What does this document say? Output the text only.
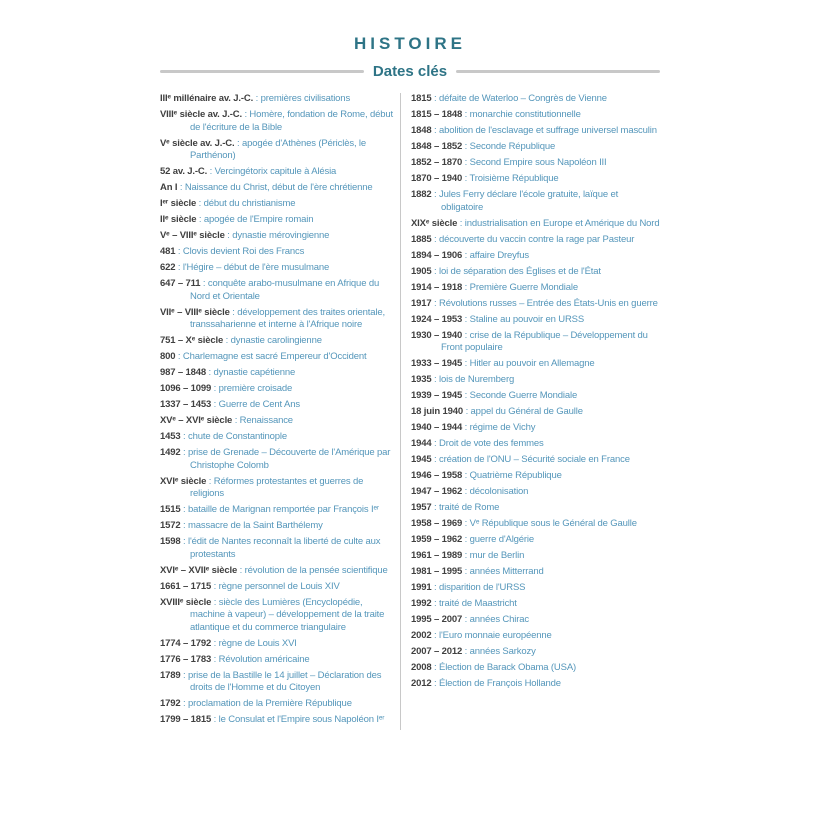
HISTOIRE
Dates clés
IIIᵉ millénaire av. J.-C. : premières civilisations
VIIIᵉ siècle av. J.-C. : Homère, fondation de Rome, début de l'écriture de la Bible
Vᵉ siècle av. J.-C. : apogée d'Athènes (Périclès, le Parthénon)
52 av. J.-C. : Vercingétorix capitule à Alésia
An I : Naissance du Christ, début de l'ère chrétienne
Iᵉʳ siècle : début du christianisme
IIᵉ siècle : apogée de l'Empire romain
Vᵉ – VIIIᵉ siècle : dynastie mérovingienne
481 : Clovis devient Roi des Francs
622 : l'Hégire – début de l'ère musulmane
647 – 711 : conquête arabo-musulmane en Afrique du Nord et Orientale
VIIᵉ – VIIIᵉ siècle : développement des traites orientale, transsaharienne et interne à l'Afrique noire
751 – Xᵉ siècle : dynastie carolingienne
800 : Charlemagne est sacré Empereur d'Occident
987 – 1848 : dynastie capétienne
1096 – 1099 : première croisade
1337 – 1453 : Guerre de Cent Ans
XVᵉ – XVIᵉ siècle : Renaissance
1453 : chute de Constantinople
1492 : prise de Grenade – Découverte de l'Amérique par Christophe Colomb
XVIᵉ siècle : Réformes protestantes et guerres de religions
1515 : bataille de Marignan remportée par François Iᵉʳ
1572 : massacre de la Saint Barthélemy
1598 : l'édit de Nantes reconnaît la liberté de culte aux protestants
XVIᵉ – XVIIᵉ siècle : révolution de la pensée scientifique
1661 – 1715 : règne personnel de Louis XIV
XVIIIᵉ siècle : siècle des Lumières (Encyclopédie, machine à vapeur) – développement de la traite atlantique et du commerce triangulaire
1774 – 1792 : règne de Louis XVI
1776 – 1783 : Révolution américaine
1789 : prise de la Bastille le 14 juillet – Déclaration des droits de l'Homme et du Citoyen
1792 : proclamation de la Première République
1799 – 1815 : le Consulat et l'Empire sous Napoléon Iᵉʳ
1815 : défaite de Waterloo – Congrès de Vienne
1815 – 1848 : monarchie constitutionnelle
1848 : abolition de l'esclavage et suffrage universel masculin
1848 – 1852 : Seconde République
1852 – 1870 : Second Empire sous Napoléon III
1870 – 1940 : Troisième République
1882 : Jules Ferry déclare l'école gratuite, laïque et obligatoire
XIXᵉ siècle : industrialisation en Europe et Amérique du Nord
1885 : découverte du vaccin contre la rage par Pasteur
1894 – 1906 : affaire Dreyfus
1905 : loi de séparation des Églises et de l'État
1914 – 1918 : Première Guerre Mondiale
1917 : Révolutions russes – Entrée des États-Unis en guerre
1924 – 1953 : Staline au pouvoir en URSS
1930 – 1940 : crise de la République – Développement du Front populaire
1933 – 1945 : Hitler au pouvoir en Allemagne
1935 : lois de Nuremberg
1939 – 1945 : Seconde Guerre Mondiale
18 juin 1940 : appel du Général de Gaulle
1940 – 1944 : régime de Vichy
1944 : Droit de vote des femmes
1945 : création de l'ONU – Sécurité sociale en France
1946 – 1958 : Quatrième République
1947 – 1962 : décolonisation
1957 : traité de Rome
1958 – 1969 : Vᵉ République sous le Général de Gaulle
1959 – 1962 : guerre d'Algérie
1961 – 1989 : mur de Berlin
1981 – 1995 : années Mitterrand
1991 : disparition de l'URSS
1992 : traité de Maastricht
1995 – 2007 : années Chirac
2002 : l'Euro monnaie européenne
2007 – 2012 : années Sarkozy
2008 : Élection de Barack Obama (USA)
2012 : Élection de François Hollande
